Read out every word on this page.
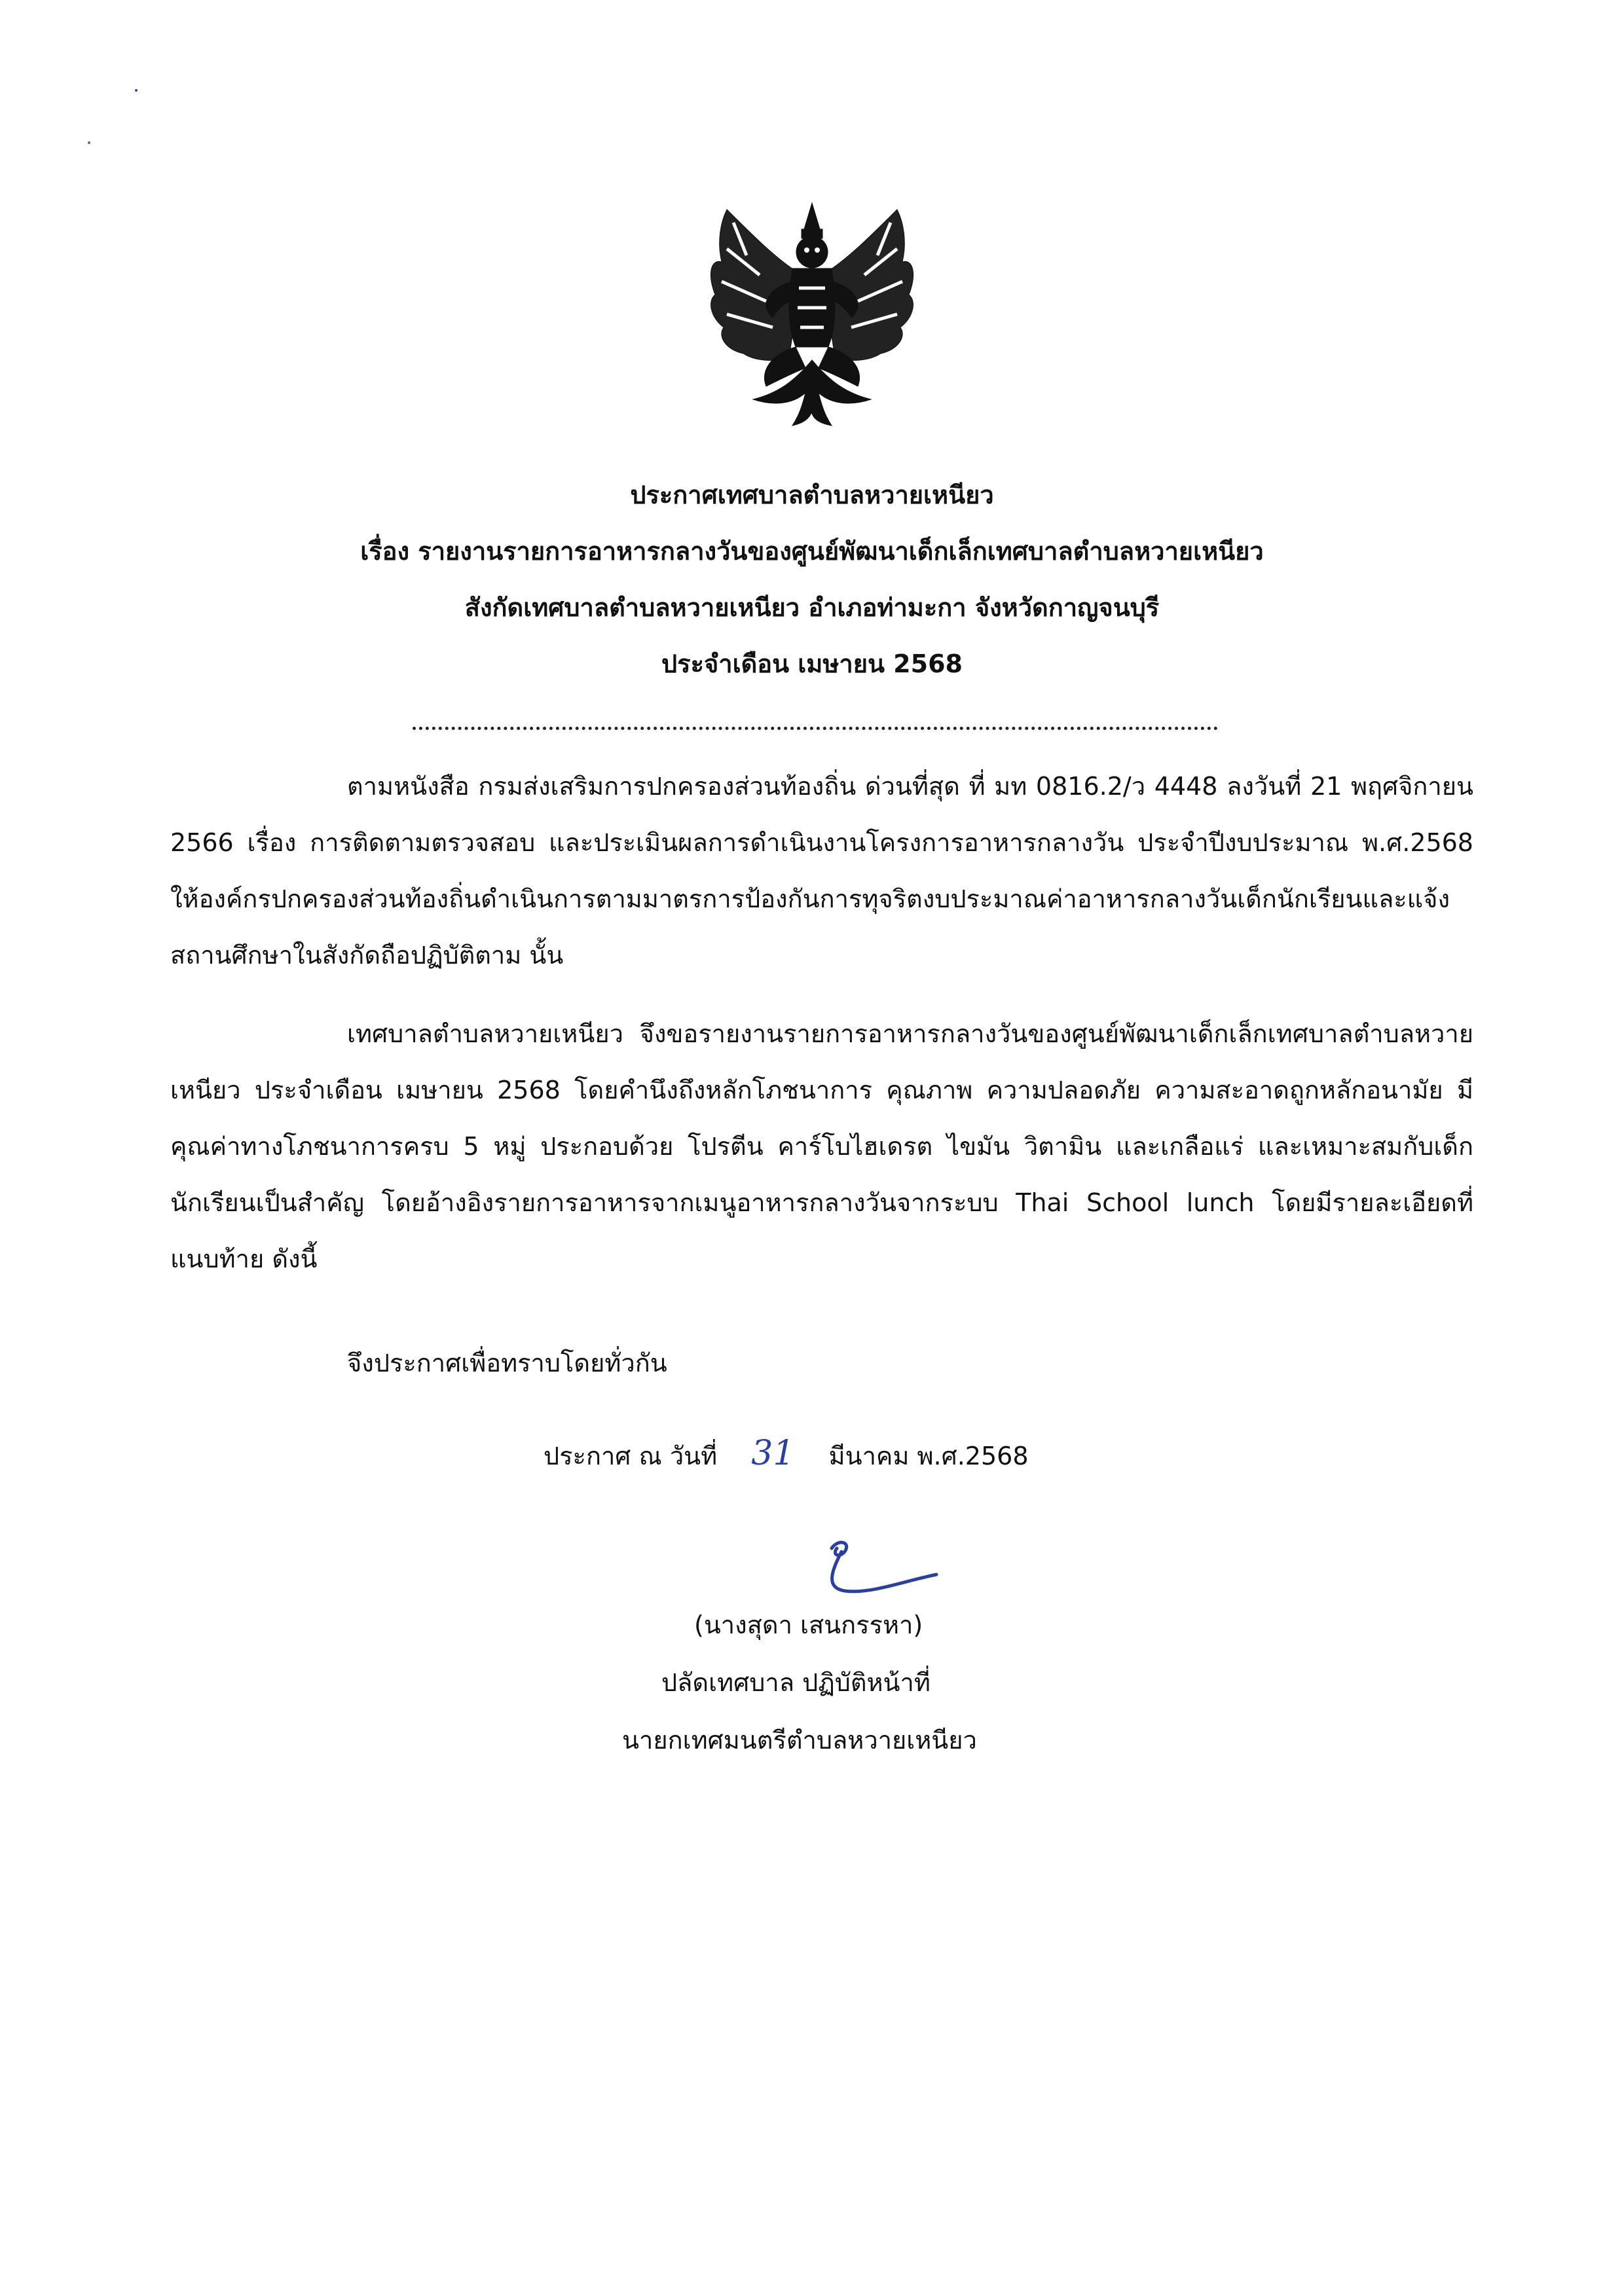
ประกาศเทศบาลตำบลหวายเหนียว
เรื่อง รายงานรายการอาหารกลางวันของศูนย์พัฒนาเด็กเล็กเทศบาลตำบลหวายเหนียว
สังกัดเทศบาลตำบลหวายเหนียว อำเภอท่ามะกา จังหวัดกาญจนบุรี
ประจำเดือน เมษายน 2568
ตามหนังสือ กรมส่งเสริมการปกครองส่วนท้องถิ่น ด่วนที่สุด ที่ มท 0816.2/ว 4448 ลงวันที่ 21 พฤศจิกายน 2566 เรื่อง การติดตามตรวจสอบ และประเมินผลการดำเนินงานโครงการอาหารกลางวัน ประจำปีงบประมาณ พ.ศ.2568 ให้องค์กรปกครองส่วนท้องถิ่นดำเนินการตามมาตรการป้องกันการทุจริตงบประมาณค่าอาหารกลางวันเด็กนักเรียนและแจ้งสถานศึกษาในสังกัดถือปฏิบัติตาม นั้น
เทศบาลตำบลหวายเหนียว จึงขอรายงานรายการอาหารกลางวันของศูนย์พัฒนาเด็กเล็กเทศบาลตำบลหวายเหนียว ประจำเดือน เมษายน 2568 โดยคำนึงถึงหลักโภชนาการ คุณภาพ ความปลอดภัย ความสะอาดถูกหลักอนามัย มีคุณค่าทางโภชนาการครบ 5 หมู่ ประกอบด้วย โปรตีน คาร์โบไฮเดรต ไขมัน วิตามิน และเกลือแร่ และเหมาะสมกับเด็กนักเรียนเป็นสำคัญ โดยอ้างอิงรายการอาหารจากเมนูอาหารกลางวันจากระบบ Thai School lunch โดยมีรายละเอียดที่แนบท้าย ดังนี้
จึงประกาศเพื่อทราบโดยทั่วกัน
ประกาศ ณ วันที่ 31 มีนาคม พ.ศ.2568
(นางสุดา เสนกรรหา)
ปลัดเทศบาล ปฏิบัติหน้าที่
นายกเทศมนตรีตำบลหวายเหนียว
